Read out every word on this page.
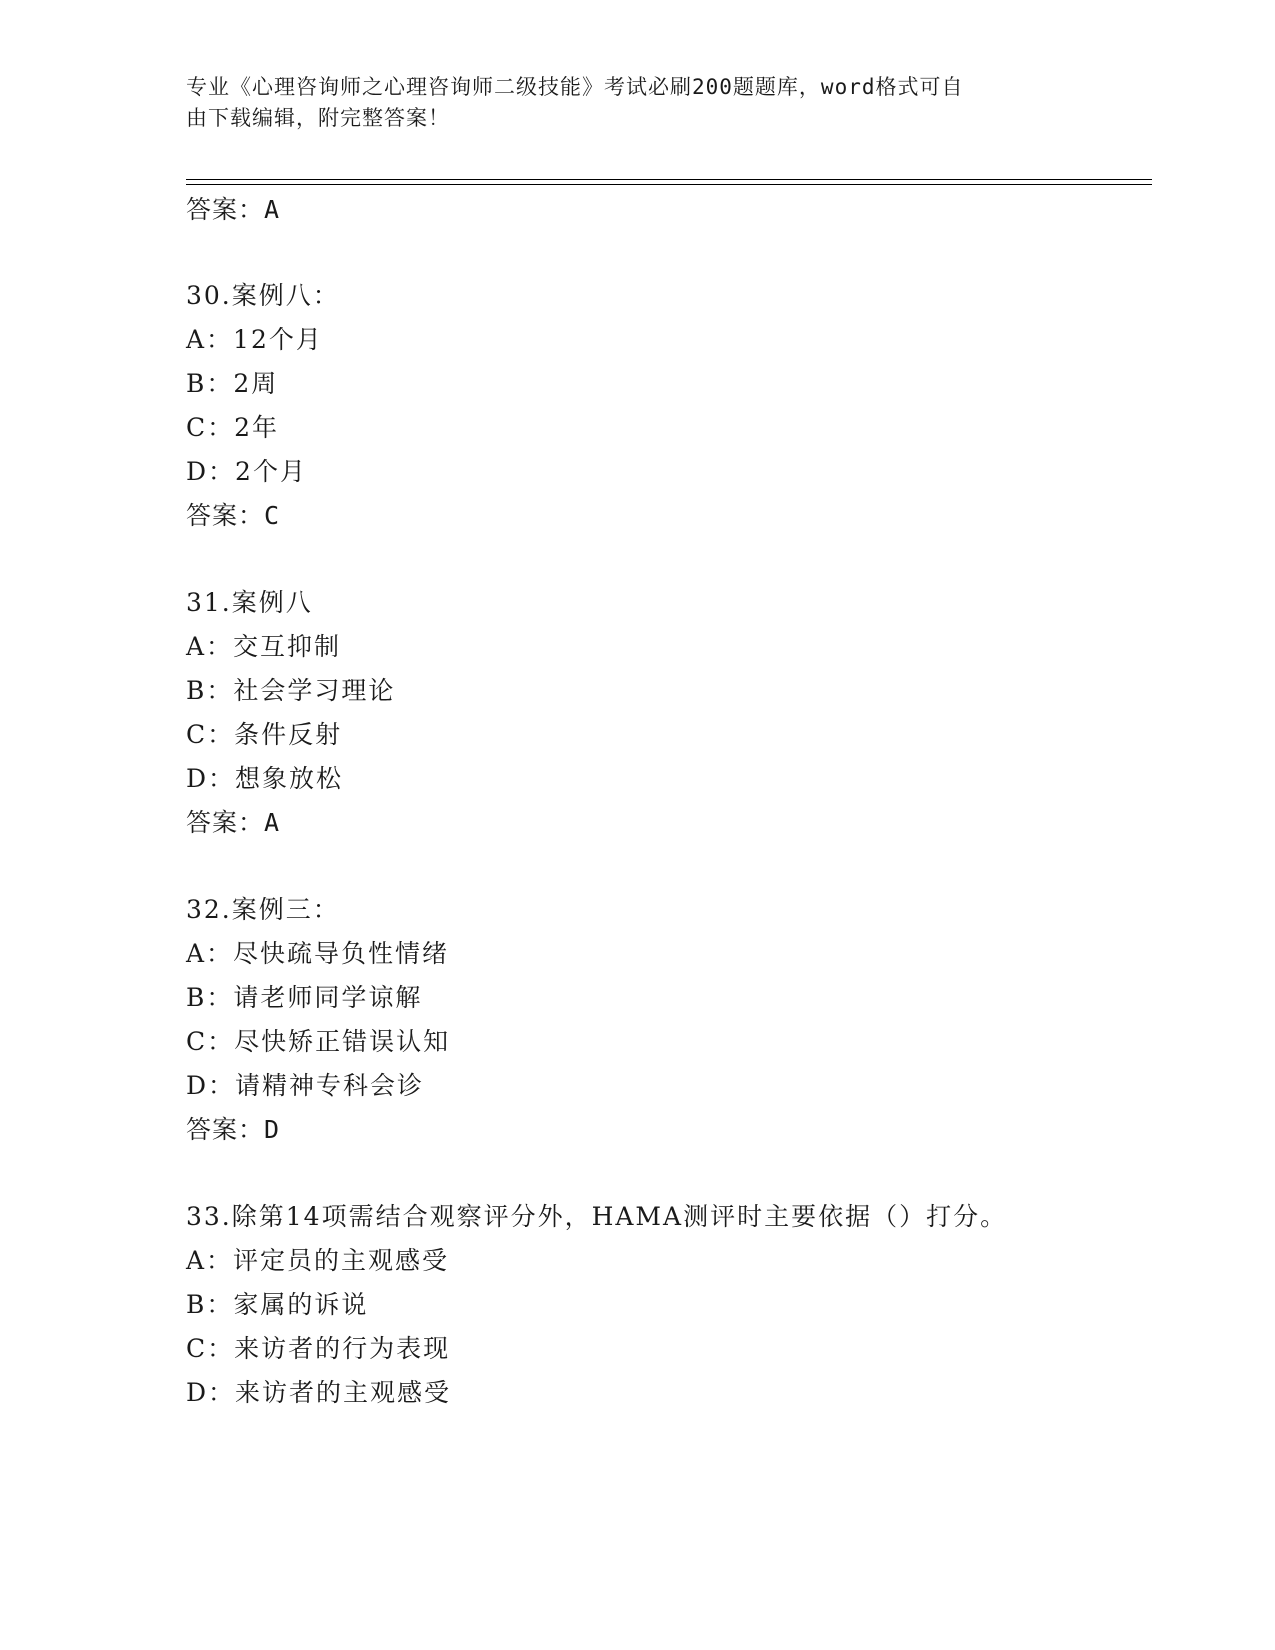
专业《心理咨询师之心理咨询师二级技能》考试必刷200题题库，word格式可自
由下载编辑，附完整答案！
答案：A
30.案例八：
A：12个月
B：2周
C：2年
D：2个月
答案：C
31.案例八
A：交互抑制
B：社会学习理论
C：条件反射
D：想象放松
答案：A
32.案例三：
A：尽快疏导负性情绪
B：请老师同学谅解
C：尽快矫正错误认知
D：请精神专科会诊
答案：D
33.除第14项需结合观察评分外，HAMA测评时主要依据（）打分。
A：评定员的主观感受
B：家属的诉说
C：来访者的行为表现
D：来访者的主观感受
